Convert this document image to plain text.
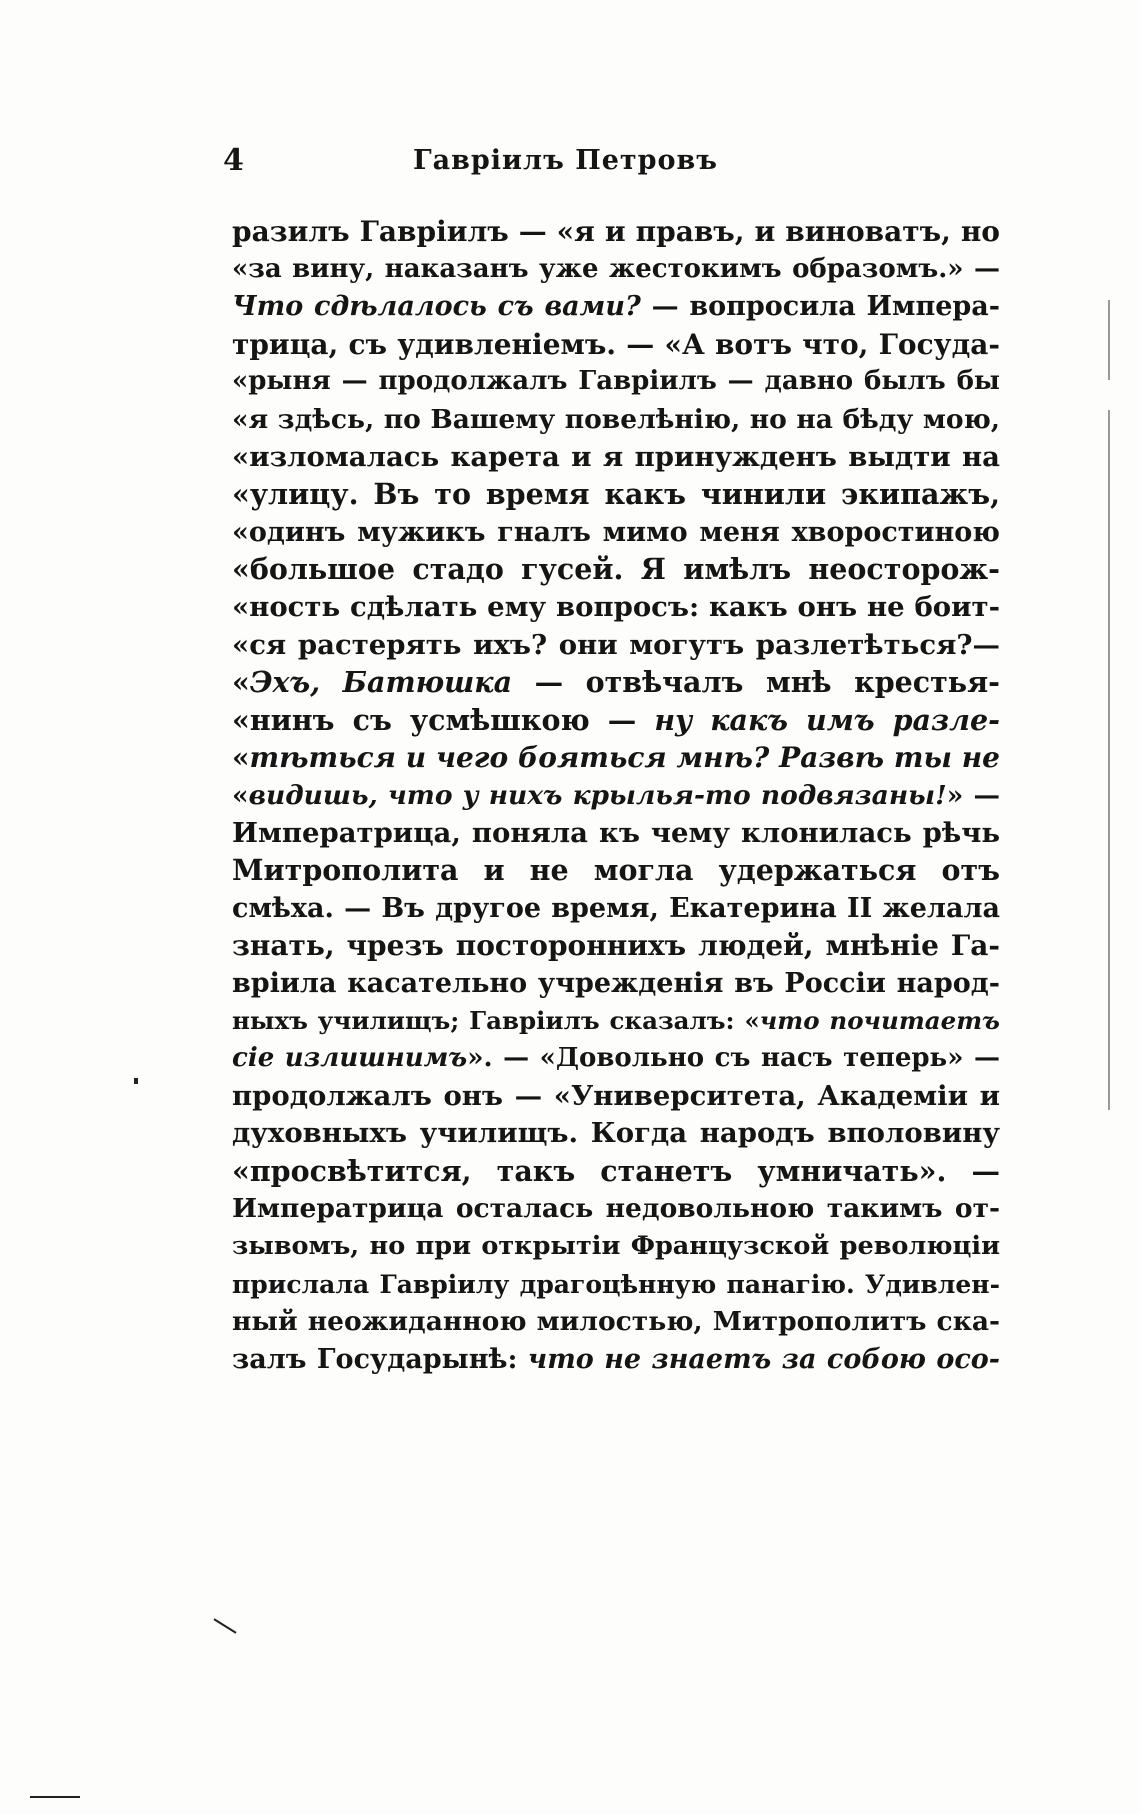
4	Гавріилъ Петровъ
разилъ Гавріилъ — «я и правъ, и виноватъ, но
«за вину, наказанъ уже жестокимъ образомъ.» —
Что сдѣлалось съ вами? — вопросила Импера-
трица, съ удивленіемъ. — «А вотъ что, Госуда-
«рыня — продолжалъ Гавріилъ — давно былъ бы
«я здѣсь, по Вашему повелѣнію, но на бѣду мою,
«изломалась карета и я принужденъ выдти на
«улицу. Въ то время какъ чинили экипажъ,
«одинъ мужикъ гналъ мимо меня хворостиною
«большое стадо гусей. Я имѣлъ неосторож-
«ность сдѣлать ему вопросъ: какъ онъ не боит-
«ся растерять ихъ? они могутъ разлетѣться?—
«Эхъ, Батюшка — отвѣчалъ мнѣ крестья-
«нинъ съ усмѣшкою — ну какъ имъ разле-
«тѣться и чего бояться мнѣ? Развѣ ты не
«видишь, что у нихъ крылья-то подвязаны!» —
Императрица, поняла къ чему клонилась рѣчь
Митрополита и не могла удержаться отъ
смѣха. — Въ другое время, Екатерина II желала
знать, чрезъ постороннихъ людей, мнѣніе Га-
вріила касательно учрежденія въ Россіи народ-
ныхъ училищъ; Гавріилъ сказалъ: «что почитаетъ
сіе излишнимъ». — «Довольно съ насъ теперь» —
продолжалъ онъ — «Университета, Академіи и
духовныхъ училищъ. Когда народъ вполовину
«просвѣтится, такъ станетъ умничать». —
Императрица осталась недовольною такимъ от-
зывомъ, но при открытіи Французской революціи
прислала Гавріилу драгоцѣнную панагію. Удивлен-
ный неожиданною милостью, Митрополитъ ска-
залъ Государынѣ: что не знаетъ за собою осо-
